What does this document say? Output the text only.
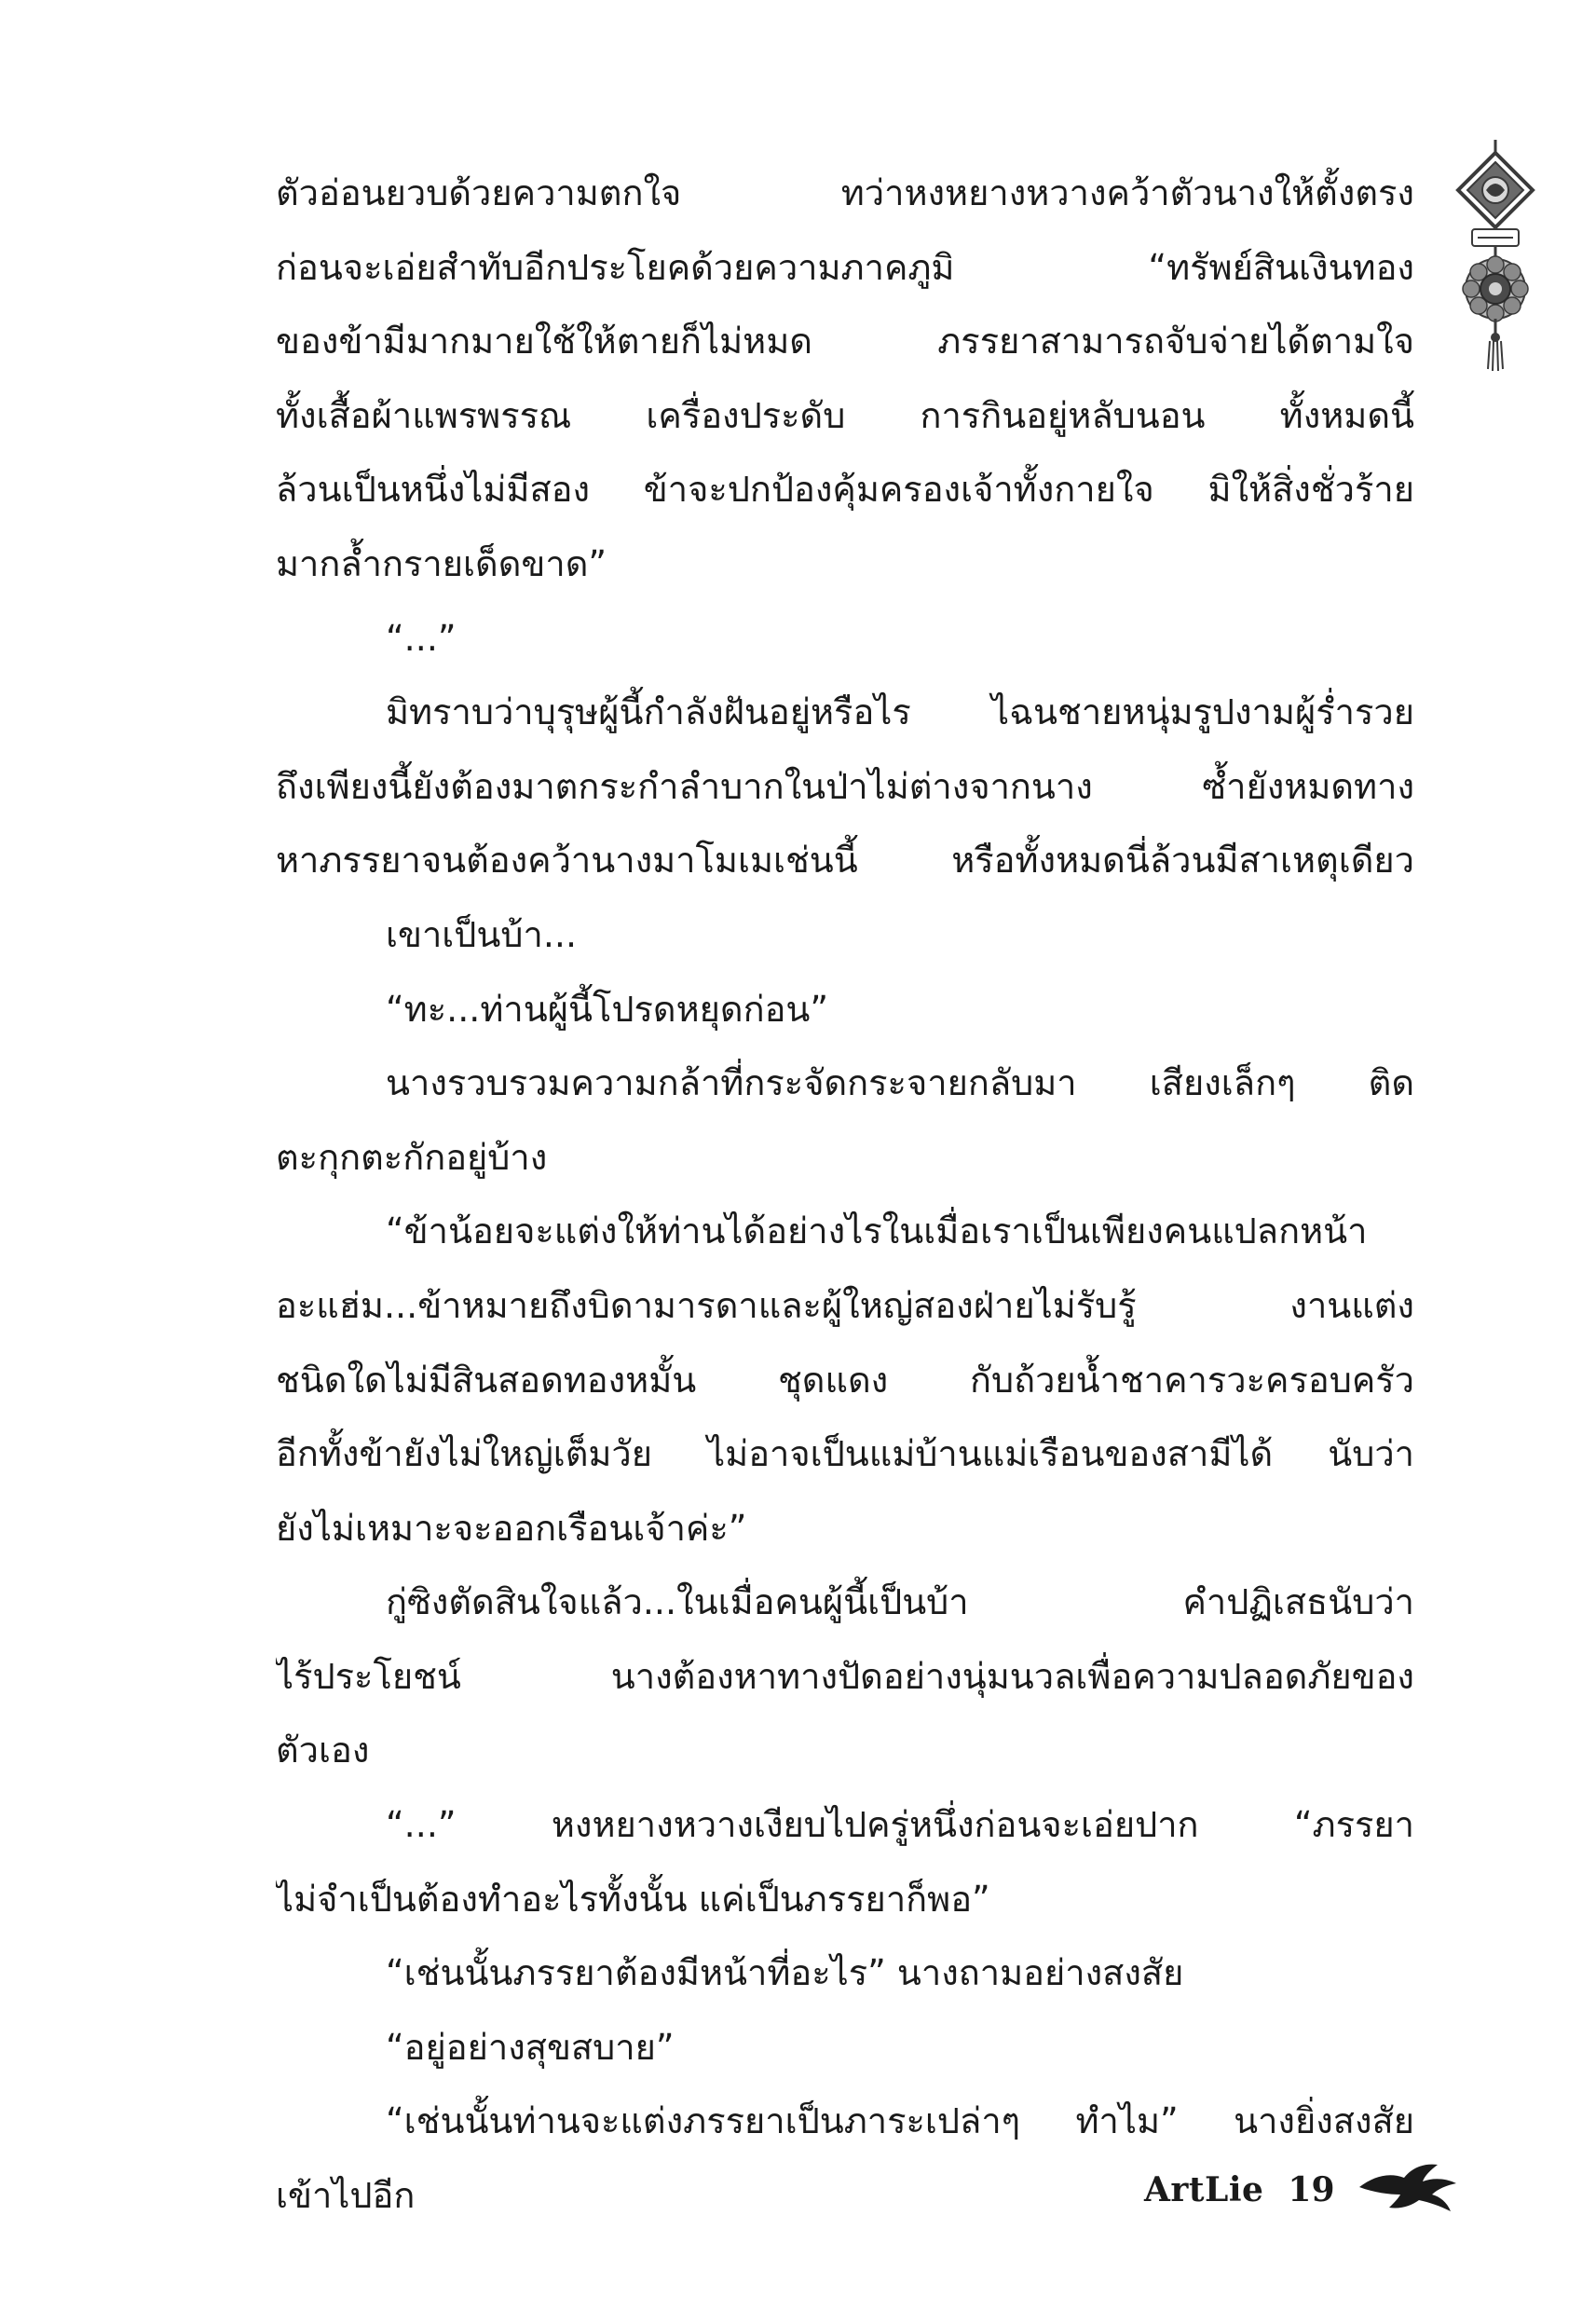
ตัวอ่อนยวบด้วยความตกใจ ทว่าหงหยางหวางคว้าตัวนางให้ตั้งตรง
ก่อนจะเอ่ยสำทับอีกประโยคด้วยความภาคภูมิ “ทรัพย์สินเงินทอง
ของข้ามีมากมายใช้ให้ตายก็ไม่หมด ภรรยาสามารถจับจ่ายได้ตามใจ
ทั้งเสื้อผ้าแพรพรรณ เครื่องประดับ การกินอยู่หลับนอน ทั้งหมดนี้
ล้วนเป็นหนึ่งไม่มีสอง ข้าจะปกป้องคุ้มครองเจ้าทั้งกายใจ มิให้สิ่งชั่วร้าย
มากล้ำกรายเด็ดขาด”
“...”
มิทราบว่าบุรุษผู้นี้กำลังฝันอยู่หรือไร ไฉนชายหนุ่มรูปงามผู้ร่ำรวย
ถึงเพียงนี้ยังต้องมาตกระกำลำบากในป่าไม่ต่างจากนาง ซ้ำยังหมดทาง
หาภรรยาจนต้องคว้านางมาโมเมเช่นนี้ หรือทั้งหมดนี่ล้วนมีสาเหตุเดียว
เขาเป็นบ้า...
“ทะ...ท่านผู้นี้โปรดหยุดก่อน”
นางรวบรวมความกล้าที่กระจัดกระจายกลับมา เสียงเล็กๆ ติด
ตะกุกตะกักอยู่บ้าง
“ข้าน้อยจะแต่งให้ท่านได้อย่างไรในเมื่อเราเป็นเพียงคนแปลกหน้า
อะแฮ่ม...ข้าหมายถึงบิดามารดาและผู้ใหญ่สองฝ่ายไม่รับรู้ งานแต่ง
ชนิดใดไม่มีสินสอดทองหมั้น ชุดแดง กับถ้วยน้ำชาคารวะครอบครัว
อีกทั้งข้ายังไม่ใหญ่เต็มวัย ไม่อาจเป็นแม่บ้านแม่เรือนของสามีได้ นับว่า
ยังไม่เหมาะจะออกเรือนเจ้าค่ะ”
กู่ซิงตัดสินใจแล้ว...ในเมื่อคนผู้นี้เป็นบ้า คำปฏิเสธนับว่า
ไร้ประโยชน์ นางต้องหาทางปัดอย่างนุ่มนวลเพื่อความปลอดภัยของ
ตัวเอง
“...” หงหยางหวางเงียบไปครู่หนึ่งก่อนจะเอ่ยปาก “ภรรยา
ไม่จำเป็นต้องทำอะไรทั้งนั้น แค่เป็นภรรยาก็พอ”
“เช่นนั้นภรรยาต้องมีหน้าที่อะไร” นางถามอย่างสงสัย
“อยู่อย่างสุขสบาย”
“เช่นนั้นท่านจะแต่งภรรยาเป็นภาระเปล่าๆ ทำไม” นางยิ่งสงสัย
เข้าไปอีก	ArtLie 19
